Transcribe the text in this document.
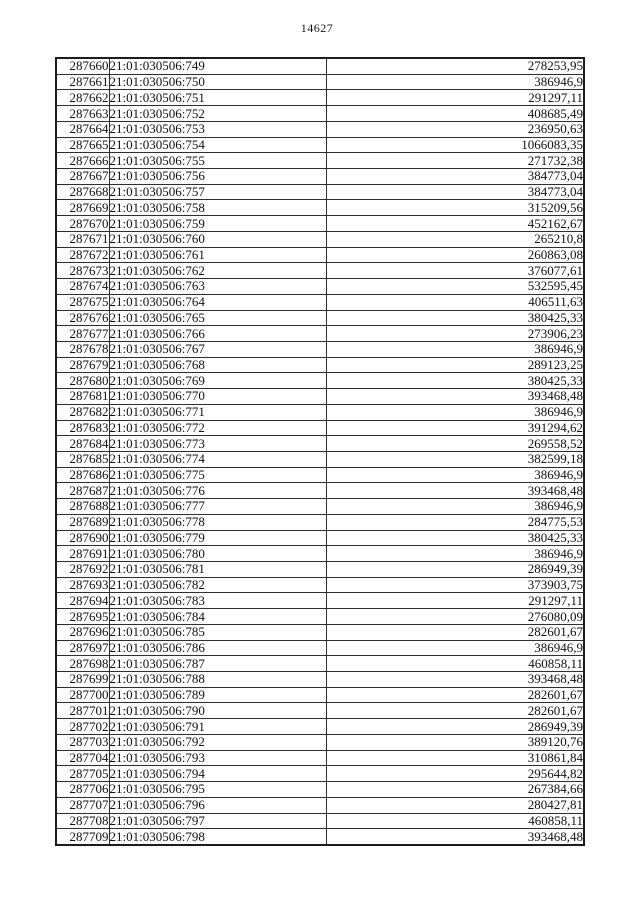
14627
287660	21:01:030506:749	278253,95
287661	21:01:030506:750	386946,9
287662	21:01:030506:751	291297,11
287663	21:01:030506:752	408685,49
287664	21:01:030506:753	236950,63
287665	21:01:030506:754	1066083,35
287666	21:01:030506:755	271732,38
287667	21:01:030506:756	384773,04
287668	21:01:030506:757	384773,04
287669	21:01:030506:758	315209,56
287670	21:01:030506:759	452162,67
287671	21:01:030506:760	265210,8
287672	21:01:030506:761	260863,08
287673	21:01:030506:762	376077,61
287674	21:01:030506:763	532595,45
287675	21:01:030506:764	406511,63
287676	21:01:030506:765	380425,33
287677	21:01:030506:766	273906,23
287678	21:01:030506:767	386946,9
287679	21:01:030506:768	289123,25
287680	21:01:030506:769	380425,33
287681	21:01:030506:770	393468,48
287682	21:01:030506:771	386946,9
287683	21:01:030506:772	391294,62
287684	21:01:030506:773	269558,52
287685	21:01:030506:774	382599,18
287686	21:01:030506:775	386946,9
287687	21:01:030506:776	393468,48
287688	21:01:030506:777	386946,9
287689	21:01:030506:778	284775,53
287690	21:01:030506:779	380425,33
287691	21:01:030506:780	386946,9
287692	21:01:030506:781	286949,39
287693	21:01:030506:782	373903,75
287694	21:01:030506:783	291297,11
287695	21:01:030506:784	276080,09
287696	21:01:030506:785	282601,67
287697	21:01:030506:786	386946,9
287698	21:01:030506:787	460858,11
287699	21:01:030506:788	393468,48
287700	21:01:030506:789	282601,67
287701	21:01:030506:790	282601,67
287702	21:01:030506:791	286949,39
287703	21:01:030506:792	389120,76
287704	21:01:030506:793	310861,84
287705	21:01:030506:794	295644,82
287706	21:01:030506:795	267384,66
287707	21:01:030506:796	280427,81
287708	21:01:030506:797	460858,11
287709	21:01:030506:798	393468,48
